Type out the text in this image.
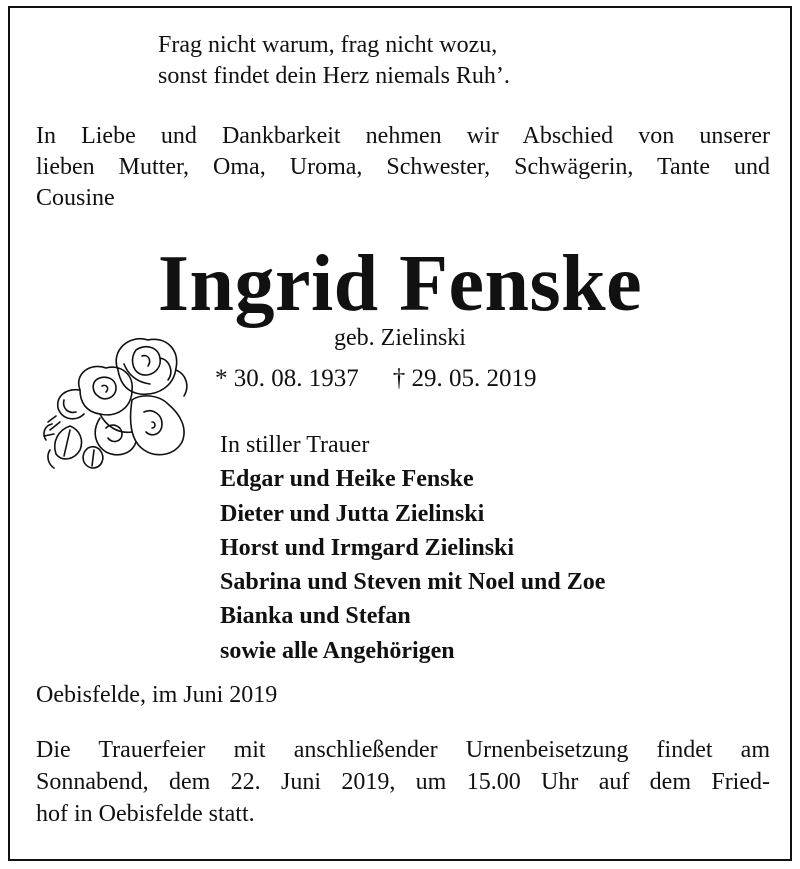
Frag nicht warum, frag nicht wozu,
sonst findet dein Herz niemals Ruh’.
In Liebe und Dankbarkeit nehmen wir Abschied von unserer
lieben Mutter, Oma, Uroma, Schwester, Schwägerin, Tante und
Cousine
Ingrid Fenske
geb. Zielinski
* 30. 08. 1937 † 29. 05. 2019
In stiller Trauer
Edgar und Heike Fenske
Dieter und Jutta Zielinski
Horst und Irmgard Zielinski
Sabrina und Steven mit Noel und Zoe
Bianka und Stefan
sowie alle Angehörigen
Oebisfelde, im Juni 2019
Die Trauerfeier mit anschließender Urnenbeisetzung findet am
Sonnabend, dem 22. Juni 2019, um 15.00 Uhr auf dem Fried-
hof in Oebisfelde statt.
